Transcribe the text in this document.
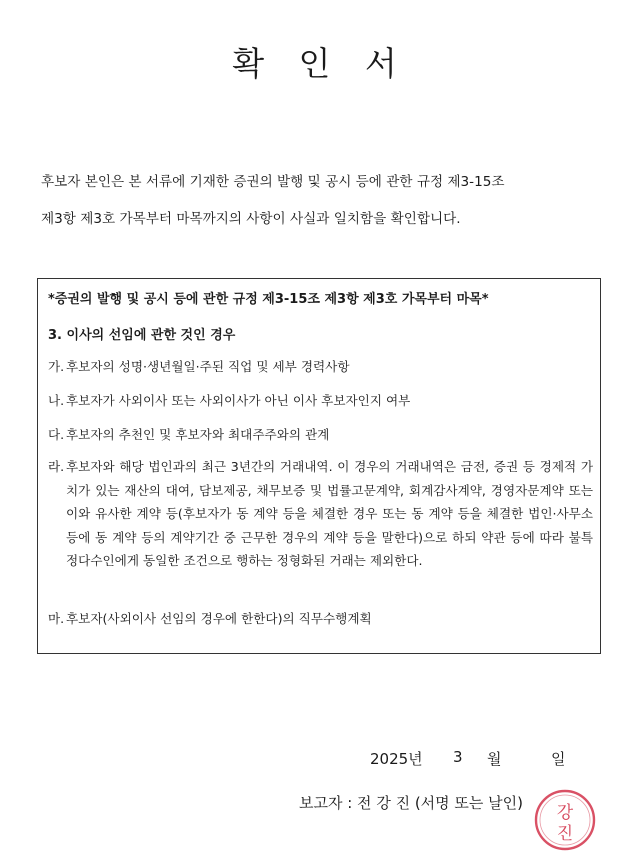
확 인 서
후보자 본인은 본 서류에 기재한 증권의 발행 및 공시 등에 관한 규정 제3-15조
제3항 제3호 가목부터 마목까지의 사항이 사실과 일치함을 확인합니다.
*증권의 발행 및 공시 등에 관한 규정 제3-15조 제3항 제3호 가목부터 마목*
3. 이사의 선임에 관한 것인 경우
가. 후보자의 성명·생년월일·주된 직업 및 세부 경력사항
나. 후보자가 사외이사 또는 사외이사가 아닌 이사 후보자인지 여부
다. 후보자의 추천인 및 후보자와 최대주주와의 관계
라. 후보자와 해당 법인과의 최근 3년간의 거래내역. 이 경우의 거래내역은 금전, 증권 등 경제적 가치가 있는 재산의 대여, 담보제공, 채무보증 및 법률고문계약, 회계감사계약, 경영자문계약 또는 이와 유사한 계약 등(후보자가 동 계약 등을 체결한 경우 또는 동 계약 등을 체결한 법인·사무소 등에 동 계약 등의 계약기간 중 근무한 경우의 계약 등을 말한다)으로 하되 약관 등에 따라 불특정다수인에게 동일한 조건으로 행하는 정형화된 거래는 제외한다.
마. 후보자(사외이사 선임의 경우에 한한다)의 직무수행계획
2025년 3 월	일
보고자 : 전 강 진 (서명 또는 날인) 강
진
